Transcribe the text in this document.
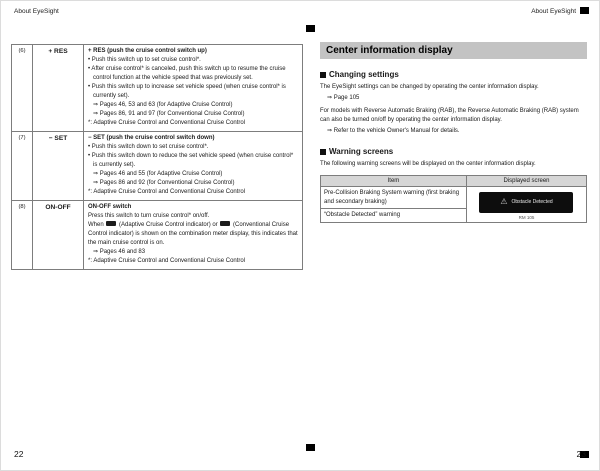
About EyeSight	About EyeSight
(6)	+ RES	+ RES (push the cruise control switch up)
• Push this switch up to set cruise control*.
• After cruise control* is canceled, push this switch up to resume the cruise control function at the vehicle speed that was previously set.
• Push this switch up to increase set vehicle speed (when cruise control* is currently set).
⇒ Pages 46, 53 and 63 (for Adaptive Cruise Control)
⇒ Pages 86, 91 and 97 (for Conventional Cruise Control)
*: Adaptive Cruise Control and Conventional Cruise Control

(7)	− SET	− SET (push the cruise control switch down)
• Push this switch down to set cruise control*.
• Push this switch down to reduce the set vehicle speed (when cruise control* is currently set).
⇒ Pages 46 and 55 (for Adaptive Cruise Control)
⇒ Pages 86 and 92 (for Conventional Cruise Control)
*: Adaptive Cruise Control and Conventional Cruise Control

(8)	ON-OFF	ON-OFF switch
Press this switch to turn cruise control* on/off.
When  (Adaptive Cruise Control indicator) or  (Conventional Cruise Control indicator) is shown on the combination meter display, this indicates that the main cruise control is on.
⇒ Pages 46 and 83
*: Adaptive Cruise Control and Conventional Cruise Control
Center information display
Changing settings
The EyeSight settings can be changed by operating the center information display.
⇒ Page 105
For models with Reverse Automatic Braking (RAB), the Reverse Automatic Braking (RAB) system can also be turned on/off by operating the center information display.
⇒ Refer to the vehicle Owner's Manual for details.
Warning screens
The following warning screens will be displayed on the center information display.
Item	Displayed screen
Pre-Collision Braking System warning (first braking and secondary braking)	⚠ Obstacle Detected
RM 105

“Obstacle Detected” warning	
22	23
